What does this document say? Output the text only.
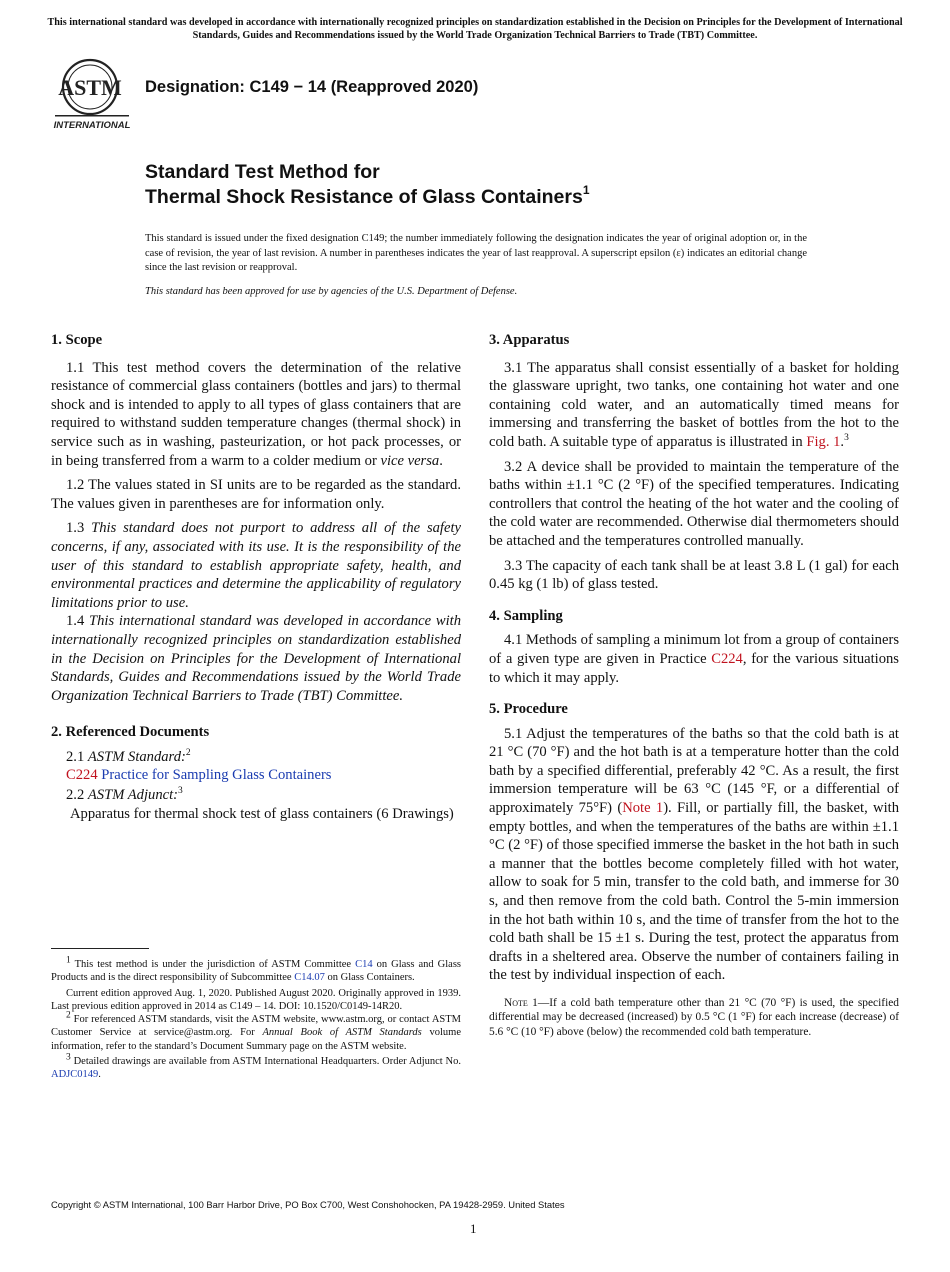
This international standard was developed in accordance with internationally recognized principles on standardization established in the Decision on Principles for the Development of International Standards, Guides and Recommendations issued by the World Trade Organization Technical Barriers to Trade (TBT) Committee.
ASTM
INTERNATIONAL
Designation: C149 − 14 (Reapproved 2020)
Standard Test Method for
Thermal Shock Resistance of Glass Containers$^1$
This standard is issued under the fixed designation C149; the number immediately following the designation indicates the year of original adoption or, in the case of revision, the year of last revision. A number in parentheses indicates the year of last reapproval. A superscript epsilon (ε) indicates an editorial change since the last revision or reapproval.
This standard has been approved for use by agencies of the U.S. Department of Defense.
1. Scope

1.1 This test method covers the determination of the relative resistance of commercial glass containers (bottles and jars) to thermal shock and is intended to apply to all types of glass containers that are required to withstand sudden temperature changes (thermal shock) in service such as in washing, pasteurization, or hot pack processes, or in being transferred from a warm to a colder medium or vice versa.

1.2 The values stated in SI units are to be regarded as the standard. The values given in parentheses are for information only.

1.3 This standard does not purport to address all of the safety concerns, if any, associated with its use. It is the responsibility of the user of this standard to establish appropriate safety, health, and environmental practices and determine the applicability of regulatory limitations prior to use.

1.4 This international standard was developed in accordance with internationally recognized principles on standardization established in the Decision on Principles for the Development of International Standards, Guides and Recommendations issued by the World Trade Organization Technical Barriers to Trade (TBT) Committee.

2. Referenced Documents

2.1 ASTM Standard:$^2$

C224 Practice for Sampling Glass Containers

2.2 ASTM Adjunct:$^3$

Apparatus for thermal shock test of glass containers (6 Drawings)

$^1$ This test method is under the jurisdiction of ASTM Committee C14 on Glass and Glass Products and is the direct responsibility of Subcommittee C14.07 on Glass Containers.

Current edition approved Aug. 1, 2020. Published August 2020. Originally approved in 1939. Last previous edition approved in 2014 as C149 – 14. DOI: 10.1520/C0149-14R20.

$^2$ For referenced ASTM standards, visit the ASTM website, www.astm.org, or contact ASTM Customer Service at service@astm.org. For Annual Book of ASTM Standards volume information, refer to the standard’s Document Summary page on the ASTM website.

$^3$ Detailed drawings are available from ASTM International Headquarters. Order Adjunct No. ADJC0149.

3. Apparatus

3.1 The apparatus shall consist essentially of a basket for holding the glassware upright, two tanks, one containing hot water and one containing cold water, and an automatically timed means for immersing and transferring the basket of bottles from the hot to the cold bath. A suitable type of apparatus is illustrated in Fig. 1.$^3$

3.2 A device shall be provided to maintain the temperature of the baths within ±1.1 °C (2 °F) of the specified temperatures. Indicating controllers that control the heating of the hot water and the cooling of the cold water are recommended. Otherwise dial thermometers should be attached and the temperatures controlled manually.

3.3 The capacity of each tank shall be at least 3.8 L (1 gal) for each 0.45 kg (1 lb) of glass tested.

4. Sampling

4.1 Methods of sampling a minimum lot from a group of containers of a given type are given in Practice C224, for the various situations to which it may apply.

5. Procedure

5.1 Adjust the temperatures of the baths so that the cold bath is at 21 °C (70 °F) and the hot bath is at a temperature hotter than the cold bath by a specified differential, preferably 42 °C. As a result, the first immersion temperature will be 63 °C (145 °F, or a differential of approximately 75°F) (Note 1). Fill, or partially fill, the basket, with empty bottles, and when the temperatures of the baths are within ±1.1 °C (2 °F) of those specified immerse the basket in the hot bath in such a manner that the bottles become completely filled with hot water, allow to soak for 5 min, transfer to the cold bath, and immerse for 30 s, and then remove from the cold bath. Control the 5-min immersion in the hot bath within 10 s, and the time of transfer from the hot to the cold bath shall be 15 ±1 s. During the test, protect the apparatus from drafts in a sheltered area. Observe the number of containers failing in the test by individual inspection of each.

Note 1—If a cold bath temperature other than 21 °C (70 °F) is used, the specified differential may be decreased (increased) by 0.5 °C (1 °F) for each increase (decrease) of 5.6 °C (10 °F) above (below) the recommended cold bath temperature.
Copyright © ASTM International, 100 Barr Harbor Drive, PO Box C700, West Conshohocken, PA 19428-2959. United States
1
